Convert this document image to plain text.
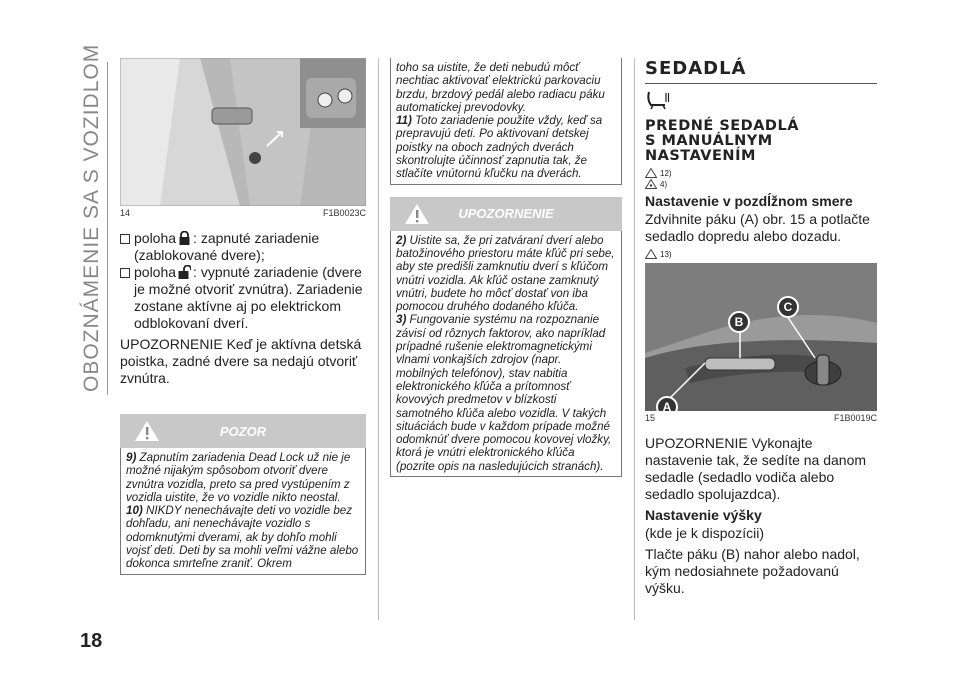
OBOZNÁMENIE SA S VOZIDLOM
18
14	F1B0023C
poloha : zapnuté zariadenie (zablokované dvere);
poloha : vypnuté zariadenie (dvere je možné otvoriť zvnútra). Zariadenie zostane aktívne aj po elektrickom odblokovaní dverí.

UPOZORNENIE Keď je aktívna detská poistka, zadné dvere sa nedajú otvoriť zvnútra.

POZOR

9) Zapnutím zariadenia Dead Lock už nie je možné nijakým spôsobom otvoriť dvere zvnútra vozidla, preto sa pred vystúpením z vozidla uistite, že vo vozidle nikto neostal.

10) NIKDY nenechávajte deti vo vozidle bez dohľadu, ani nenechávajte vozidlo s odomknutými dverami, ak by dohľo mohli vojsť deti. Deti by sa mohli veľmi vážne alebo dokonca smrteľne zraniť. Okrem

toho sa uistite, že deti nebudú môcť nechtiac aktivovať elektrickú parkovaciu brzdu, brzdový pedál alebo radiacu páku automatickej prevodovky.

11) Toto zariadenie použite vždy, keď sa prepravujú deti. Po aktivovaní detskej poistky na oboch zadných dverách skontrolujte účinnosť zapnutia tak, že stlačíte vnútornú kľučku na dverách.

UPOZORNENIE

2) Uistite sa, že pri zatváraní dverí alebo batožinového priestoru máte kľúč pri sebe, aby ste predišli zamknutiu dverí s kľúčom vnútri vozidla. Ak kľúč ostane zamknutý vnútri, budete ho môcť dostať von iba pomocou druhého dodaného kľúča.

3) Fungovanie systému na rozpoznanie závisí od rôznych faktorov, ako napríklad prípadné rušenie elektromagnetickými vlnami vonkajších zdrojov (napr. mobilných telefónov), stav nabitia elektronického kľúča a prítomnosť kovových predmetov v blízkosti samotného kľúča alebo vozidla. V takých situáciách bude v každom prípade možné odomknúť dvere pomocou kovovej vložky, ktorá je vnútri elektronického kľúča (pozrite opis na nasledujúcich stranách).

SEDADLÁ
PREDNÉ SEDADLÁ
S MANUÁLNYM
NASTAVENÍM
12)
4)
Nastavenie v pozdĺžnom smere

Zdvihnite páku (A) obr. 15 a potlačte sedadlo dopredu alebo dozadu.

13)
A
B
C
15	F1B0019C

UPOZORNENIE Vykonajte nastavenie tak, že sedíte na danom sedadle (sedadlo vodiča alebo sedadlo spolujazdca).

Nastavenie výšky

(kde je k dispozícii)

Tlačte páku (B) nahor alebo nadol, kým nedosiahnete požadovanú výšku.
